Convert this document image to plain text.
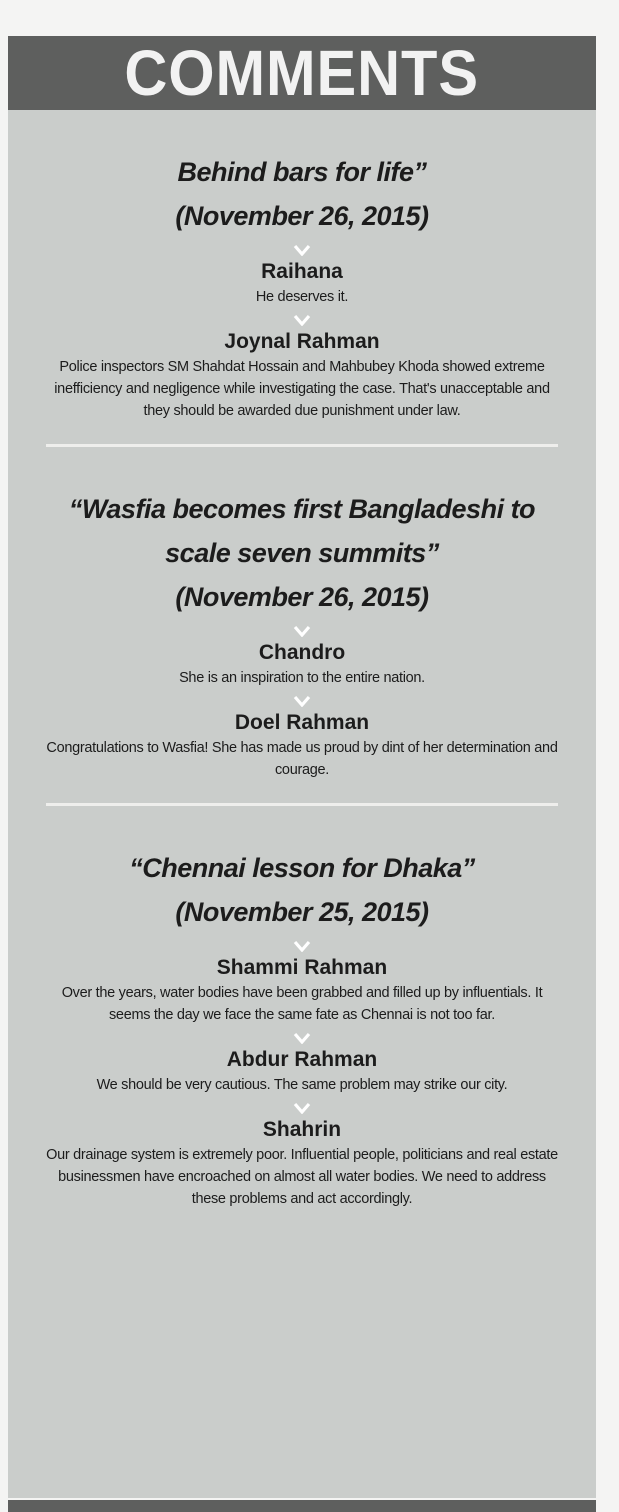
COMMENTS

Behind bars for life”

(November 26, 2015)

Raihana

He deserves it.

Joynal Rahman

Police inspectors SM Shahdat Hossain and Mahbubey Khoda showed extreme inefficiency and negligence while investigating the case. That's unacceptable and they should be awarded due punishment under law.

“Wasfia becomes first Bangladeshi to scale seven summits”

(November 26, 2015)

Chandro

She is an inspiration to the entire nation.

Doel Rahman

Congratulations to Wasfia! She has made us proud by dint of her determination and courage.

“Chennai lesson for Dhaka”

(November 25, 2015)

Shammi Rahman

Over the years, water bodies have been grabbed and filled up by influentials. It seems the day we face the same fate as Chennai is not too far.

Abdur Rahman

We should be very cautious. The same problem may strike our city.

Shahrin

Our drainage system is extremely poor. Influential people, politicians and real estate businessmen have encroached on almost all water bodies. We need to address these problems and act accordingly.
